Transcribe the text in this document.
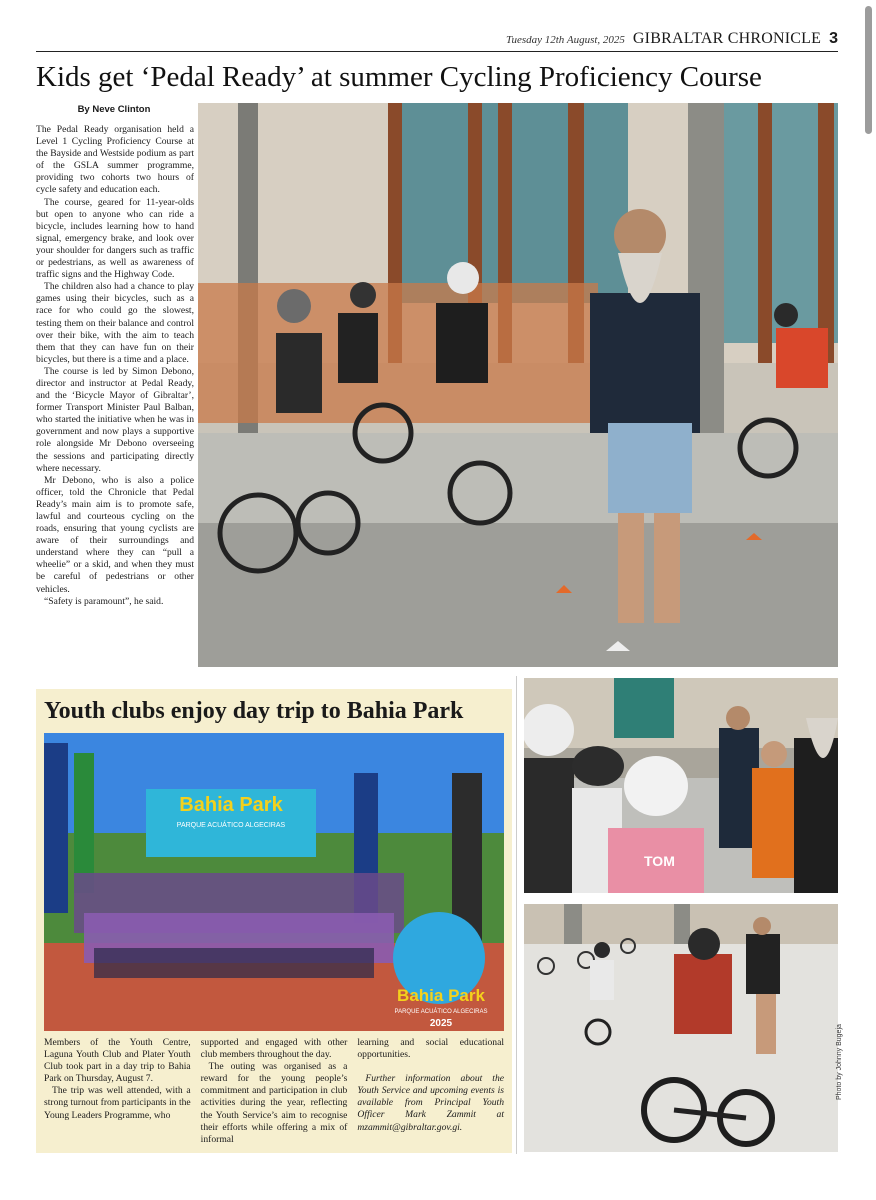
Tuesday 12th August, 2025 GIBRALTAR CHRONICLE 3
Kids get ‘Pedal Ready’ at summer Cycling Proficiency Course
By Neve Clinton

The Pedal Ready organisation held a Level 1 Cycling Proficiency Course at the Bayside and Westside podium as part of the GSLA summer programme, providing two cohorts two hours of cycle safety and education each.

The course, geared for 11-year-olds but open to anyone who can ride a bicycle, includes learning how to hand signal, emergency brake, and look over your shoulder for dangers such as traffic or pedestrians, as well as awareness of traffic signs and the Highway Code.

The children also had a chance to play games using their bicycles, such as a race for who could go the slowest, testing them on their balance and control over their bike, with the aim to teach them that they can have fun on their bicycles, but there is a time and a place.

The course is led by Simon Debono, director and instructor at Pedal Ready, and the ‘Bicycle Mayor of Gibraltar’, former Transport Minister Paul Balban, who started the initiative when he was in government and now plays a supportive role alongside Mr Debono overseeing the sessions and participating directly where necessary.

Mr Debono, who is also a police officer, told the Chronicle that Pedal Ready’s main aim is to promote safe, lawful and courteous cycling on the roads, ensuring that young cyclists are aware of their surroundings and understand where they can “pull a wheelie” or a skid, and when they must be careful of pedestrians or other vehicles.

“Safety is paramount”, he said.

Youth clubs enjoy day trip to Bahia Park
Bahia Park
PARQUE ACUÁTICO ALGECIRAS
Bahia Park
PARQUE ACUÁTICO ALGECIRAS
2025

Members of the Youth Centre, Laguna Youth Club and Plater Youth Club took part in a day trip to Bahia Park on Thursday, August 7.

The trip was well attended, with a strong turnout from participants in the Young Leaders Programme, who

supported and engaged with other club members throughout the day.

The outing was organised as a reward for the young people’s commitment and participation in club activities during the year, reflecting the Youth Service’s aim to recognise their efforts while offering a mix of informal

learning and social educational opportunities.

Further information about the Youth Service and upcoming events is available from Principal Youth Officer Mark Zammit at mzammit@gibraltar.gov.gi.

TOM
Photo by Johnny Bugeja
